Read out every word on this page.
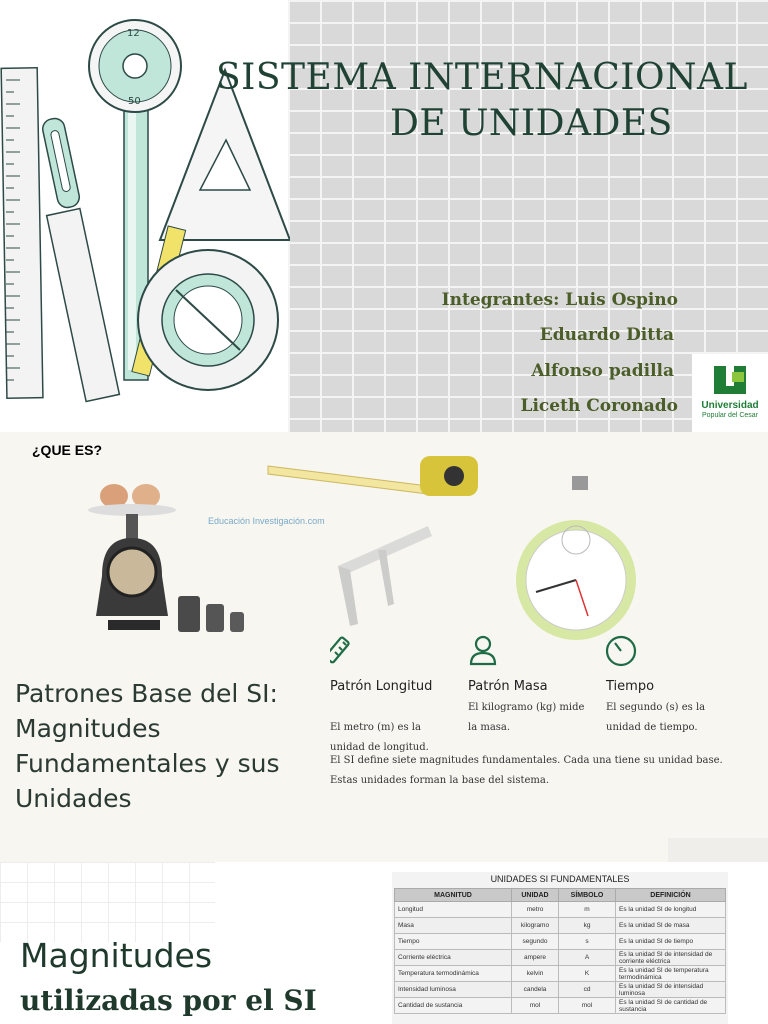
12
50
SISTEMA INTERNACIONAL
DE UNIDADES
Integrantes: Luis Ospino
Eduardo Ditta
Alfonso padilla
Liceth Coronado	Universidad
Popular del Cesar
¿QUE ES?
Educación Investigación.com
Patrones Base del SI: Magnitudes Fundamentales y sus Unidades
Patrón Longitud
El metro (m) es la unidad de longitud.
Patrón Masa
El kilogramo (kg) mide la masa.
Tiempo
El segundo (s) es la unidad de tiempo.
El SI define siete magnitudes fundamentales. Cada una tiene su unidad base. Estas unidades forman la base del sistema.
Magnitudes
utilizadas por el SI
UNIDADES SI FUNDAMENTALES
MAGNITUD	UNIDAD	SÍMBOLO	DEFINICIÓN
Longitud	metro	m	Es la unidad SI de longitud
Masa	kilogramo	kg	Es la unidad SI de masa
Tiempo	segundo	s	Es la unidad SI de tiempo
Corriente eléctrica	ampere	A	Es la unidad SI de intensidad de corriente eléctrica
Temperatura termodinámica	kelvin	K	Es la unidad SI de temperatura termodinámica
Intensidad luminosa	candela	cd	Es la unidad SI de intensidad luminosa
Cantidad de sustancia	mol	mol	Es la unidad SI de cantidad de sustancia
